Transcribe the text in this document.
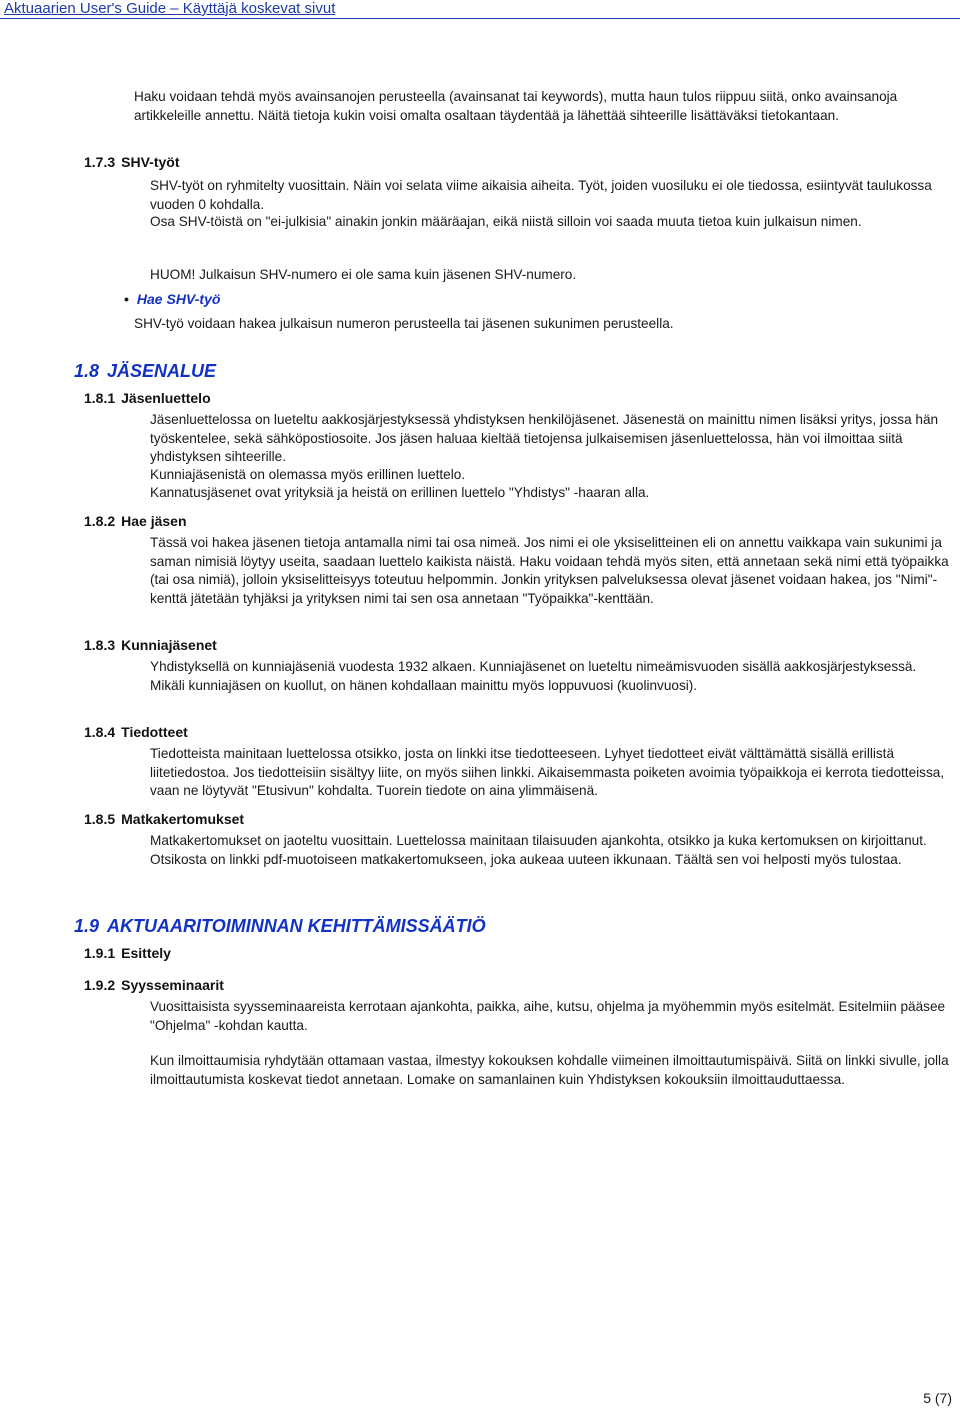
Aktuaarien User's Guide – Käyttäjä koskevat sivut

Haku voidaan tehdä myös avainsanojen perusteella (avainsanat tai keywords), mutta haun tulos riippuu siitä, onko avainsanoja artikkeleille annettu. Näitä tietoja kukin voisi omalta osaltaan täydentää ja lähettää sihteerille lisättäväksi tietokantaan.

1.7.3 SHV-työt

SHV-työt on ryhmitelty vuosittain. Näin voi selata viime aikaisia aiheita. Työt, joiden vuosiluku ei ole tiedossa, esiintyvät taulukossa vuoden 0 kohdalla.

Osa SHV-töistä on "ei-julkisia" ainakin jonkin määräajan, eikä niistä silloin voi saada muuta tietoa kuin julkaisun nimen.

HUOM! Julkaisun SHV-numero ei ole sama kuin jäsenen SHV-numero.

• Hae SHV-työ

SHV-työ voidaan hakea julkaisun numeron perusteella tai jäsenen sukunimen perusteella.

1.8 JÄSENALUE
1.8.1 Jäsenluettelo

Jäsenluettelossa on lueteltu aakkosjärjestyksessä yhdistyksen henkilöjäsenet. Jäsenestä on mainittu nimen lisäksi yritys, jossa hän työskentelee, sekä sähköpostiosoite. Jos jäsen haluaa kieltää tietojensa julkaisemisen jäsenluettelossa, hän voi ilmoittaa siitä yhdistyksen sihteerille.

Kunniajäsenistä on olemassa myös erillinen luettelo.

Kannatusjäsenet ovat yrityksiä ja heistä on erillinen luettelo "Yhdistys" -haaran alla.

1.8.2 Hae jäsen

Tässä voi hakea jäsenen tietoja antamalla nimi tai osa nimeä. Jos nimi ei ole yksiselitteinen eli on annettu vaikkapa vain sukunimi ja saman nimisiä löytyy useita, saadaan luettelo kaikista näistä. Haku voidaan tehdä myös siten, että annetaan sekä nimi että työpaikka (tai osa nimiä), jolloin yksiselitteisyys toteutuu helpommin. Jonkin yrityksen palveluksessa olevat jäsenet voidaan hakea, jos "Nimi"-kenttä jätetään tyhjäksi ja yrityksen nimi tai sen osa annetaan "Työpaikka"-kenttään.

1.8.3 Kunniajäsenet

Yhdistyksellä on kunniajäseniä vuodesta 1932 alkaen. Kunniajäsenet on lueteltu nimeämisvuoden sisällä aakkosjärjestyksessä. Mikäli kunniajäsen on kuollut, on hänen kohdallaan mainittu myös loppuvuosi (kuolinvuosi).

1.8.4 Tiedotteet

Tiedotteista mainitaan luettelossa otsikko, josta on linkki itse tiedotteeseen. Lyhyet tiedotteet eivät välttämättä sisällä erillistä liitetiedostoa. Jos tiedotteisiin sisältyy liite, on myös siihen linkki. Aikaisemmasta poiketen avoimia työpaikkoja ei kerrota tiedotteissa, vaan ne löytyvät "Etusivun" kohdalta. Tuorein tiedote on aina ylimmäisenä.

1.8.5 Matkakertomukset

Matkakertomukset on jaoteltu vuosittain. Luettelossa mainitaan tilaisuuden ajankohta, otsikko ja kuka kertomuksen on kirjoittanut. Otsikosta on linkki pdf-muotoiseen matkakertomukseen, joka aukeaa uuteen ikkunaan. Täältä sen voi helposti myös tulostaa.

1.9 AKTUAARITOIMINNAN KEHITTÄMISSÄÄTIÖ
1.9.1 Esittely
1.9.2 Syysseminaarit

Vuosittaisista syysseminaareista kerrotaan ajankohta, paikka, aihe, kutsu, ohjelma ja myöhemmin myös esitelmät. Esitelmiin pääsee "Ohjelma" -kohdan kautta.

Kun ilmoittaumisia ryhdytään ottamaan vastaa, ilmestyy kokouksen kohdalle viimeinen ilmoittautumispäivä. Siitä on linkki sivulle, jolla ilmoittautumista koskevat tiedot annetaan. Lomake on samanlainen kuin Yhdistyksen kokouksiin ilmoittauduttaessa.

5 (7)
